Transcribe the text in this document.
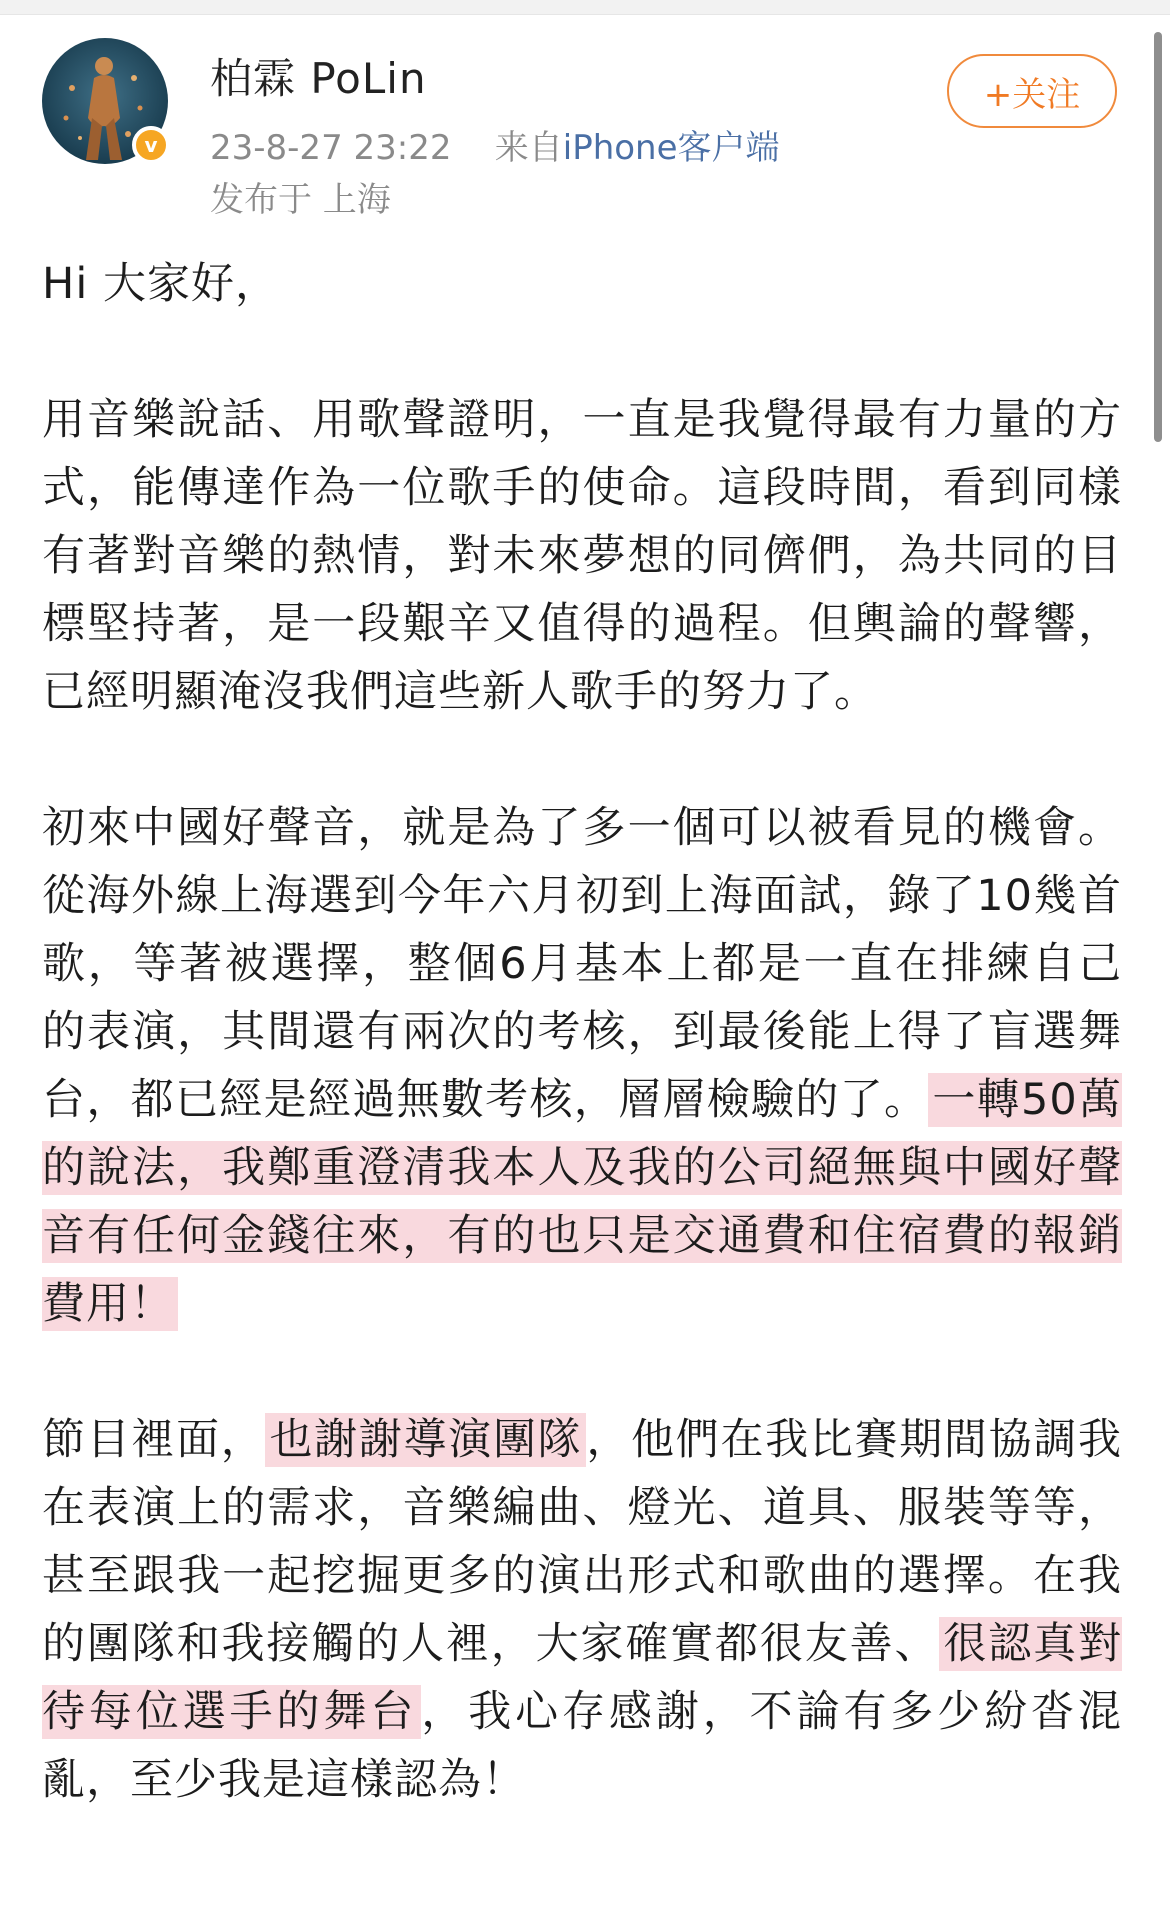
v
柏霖 PoLin
23-8-27 23:22 来自iPhone客户端
发布于 上海
+关注

Hi 大家好，

用音樂說話、用歌聲證明，一直是我覺得最有力量的方式，能傳達作為一位歌手的使命。這段時間，看到同樣有著對音樂的熱情，對未來夢想的同儕們，為共同的目標堅持著，是一段艱辛又值得的過程。但輿論的聲響，已經明顯淹沒我們這些新人歌手的努力了。

初來中國好聲音，就是為了多一個可以被看見的機會。從海外線上海選到今年六月初到上海面試，錄了10幾首歌，等著被選擇，整個6月基本上都是一直在排練自己的表演，其間還有兩次的考核，到最後能上得了盲選舞台，都已經是經過無數考核，層層檢驗的了。一轉50萬的說法，我鄭重澄清我本人及我的公司絕無與中國好聲音有任何金錢往來，有的也只是交通費和住宿費的報銷費用！

節目裡面，也謝謝導演團隊，他們在我比賽期間協調我在表演上的需求，音樂編曲、燈光、道具、服裝等等，甚至跟我一起挖掘更多的演出形式和歌曲的選擇。在我的團隊和我接觸的人裡，大家確實都很友善、很認真對待每位選手的舞台，我心存感謝，不論有多少紛沓混亂，至少我是這樣認為！
